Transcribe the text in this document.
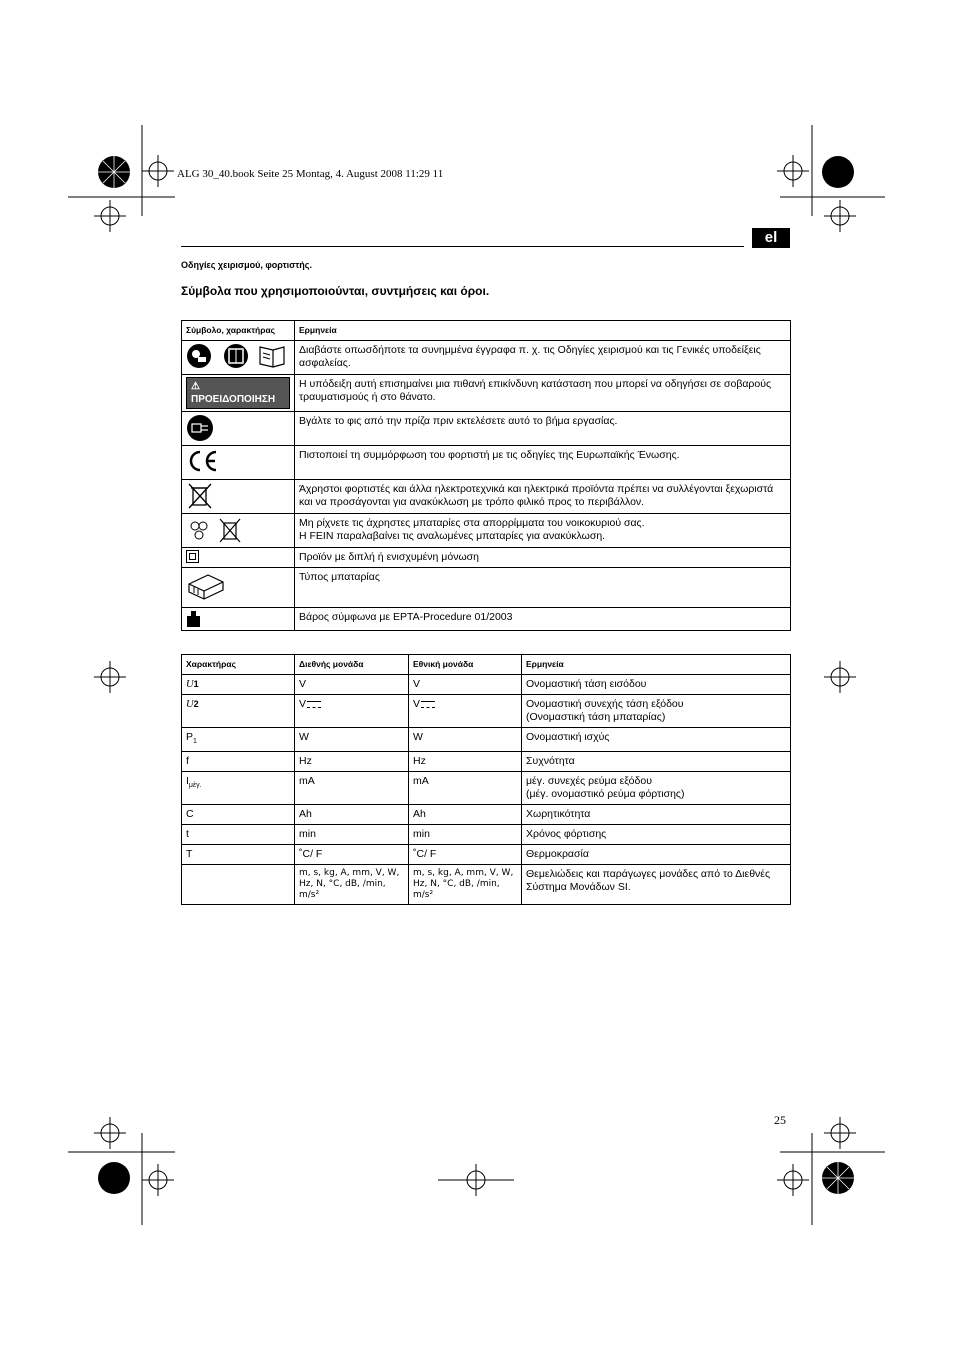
ALG 30_40.book Seite 25 Montag, 4. August 2008 11:29 11
el
Οδηγίες χειρισμού, φορτιστής.
Σύμβολα που χρησιμοποιούνται, συντμήσεις και όροι.
Σύμβολο, χαρακτήρας	Ερμηνεία

	Διαβάστε οπωσδήποτε τα συνημμένα έγγραφα π. χ. τις Οδηγίες χειρισμού και τις Γενικές υποδείξεις ασφαλείας.
⚠ ΠΡΟΕΙΔΟΠΟΙΗΣΗ	Η υπόδειξη αυτή επισημαίνει μια πιθανή επικίνδυνη κατάσταση που μπορεί να οδηγήσει σε σοβαρούς τραυματισμούς ή στο θάνατο.

	Βγάλτε το φις από την πρίζα πριν εκτελέσετε αυτό το βήμα εργασίας.

	Πιστοποιεί τη συμμόρφωση του φορτιστή με τις οδηγίες της Ευρωπαϊκής Ένωσης.

	Άχρηστοι φορτιστές και άλλα ηλεκτροτεχνικά και ηλεκτρικά προϊόντα πρέπει να συλλέγονται ξεχωριστά και να προσάγονται για ανακύκλωση με τρόπο φιλικό προς το περιβάλλον.

	Μη ρίχνετε τις άχρηστες μπαταρίες στα απορρίμματα του νοικοκυριού σας.
Η FEIN παραλαβαίνει τις αναλωμένες μπαταρίες για ανακύκλωση.

	Προϊόν με διπλή ή ενισχυμένη μόνωση

	Τύπος μπαταρίας

	Βάρος σύμφωνα με EPTA-Procedure 01/2003
Χαρακτήρας	Διεθνής μονάδα	Εθνική μονάδα	Ερμηνεία
U1	V	V	Ονομαστική τάση εισόδου
U2	V	V	Ονομαστική συνεχής τάση εξόδου
(Ονομαστική τάση μπαταρίας)
$P_1$	W	W	Ονομαστική ισχύς
f	Hz	Hz	Συχνότητα
$I_{\mu έ\gamma.}$	mA	mA	μέγ. συνεχές ρεύμα εξόδου
(μέγ. ονομαστικό ρεύμα φόρτισης)
C	Ah	Ah	Χωρητικότητα
t	min	min	Χρόνος φόρτισης
T	˚C/ F	˚C/ F	Θερμοκρασία
	m, s, kg, A, mm, V, W, Hz, N, °C, dB, /min, m/s²	m, s, kg, A, mm, V, W, Hz, N, °C, dB, /min, m/s²	Θεμελιώδεις και παράγωγες μονάδες από το Διεθνές Σύστημα Μονάδων SI.
25
